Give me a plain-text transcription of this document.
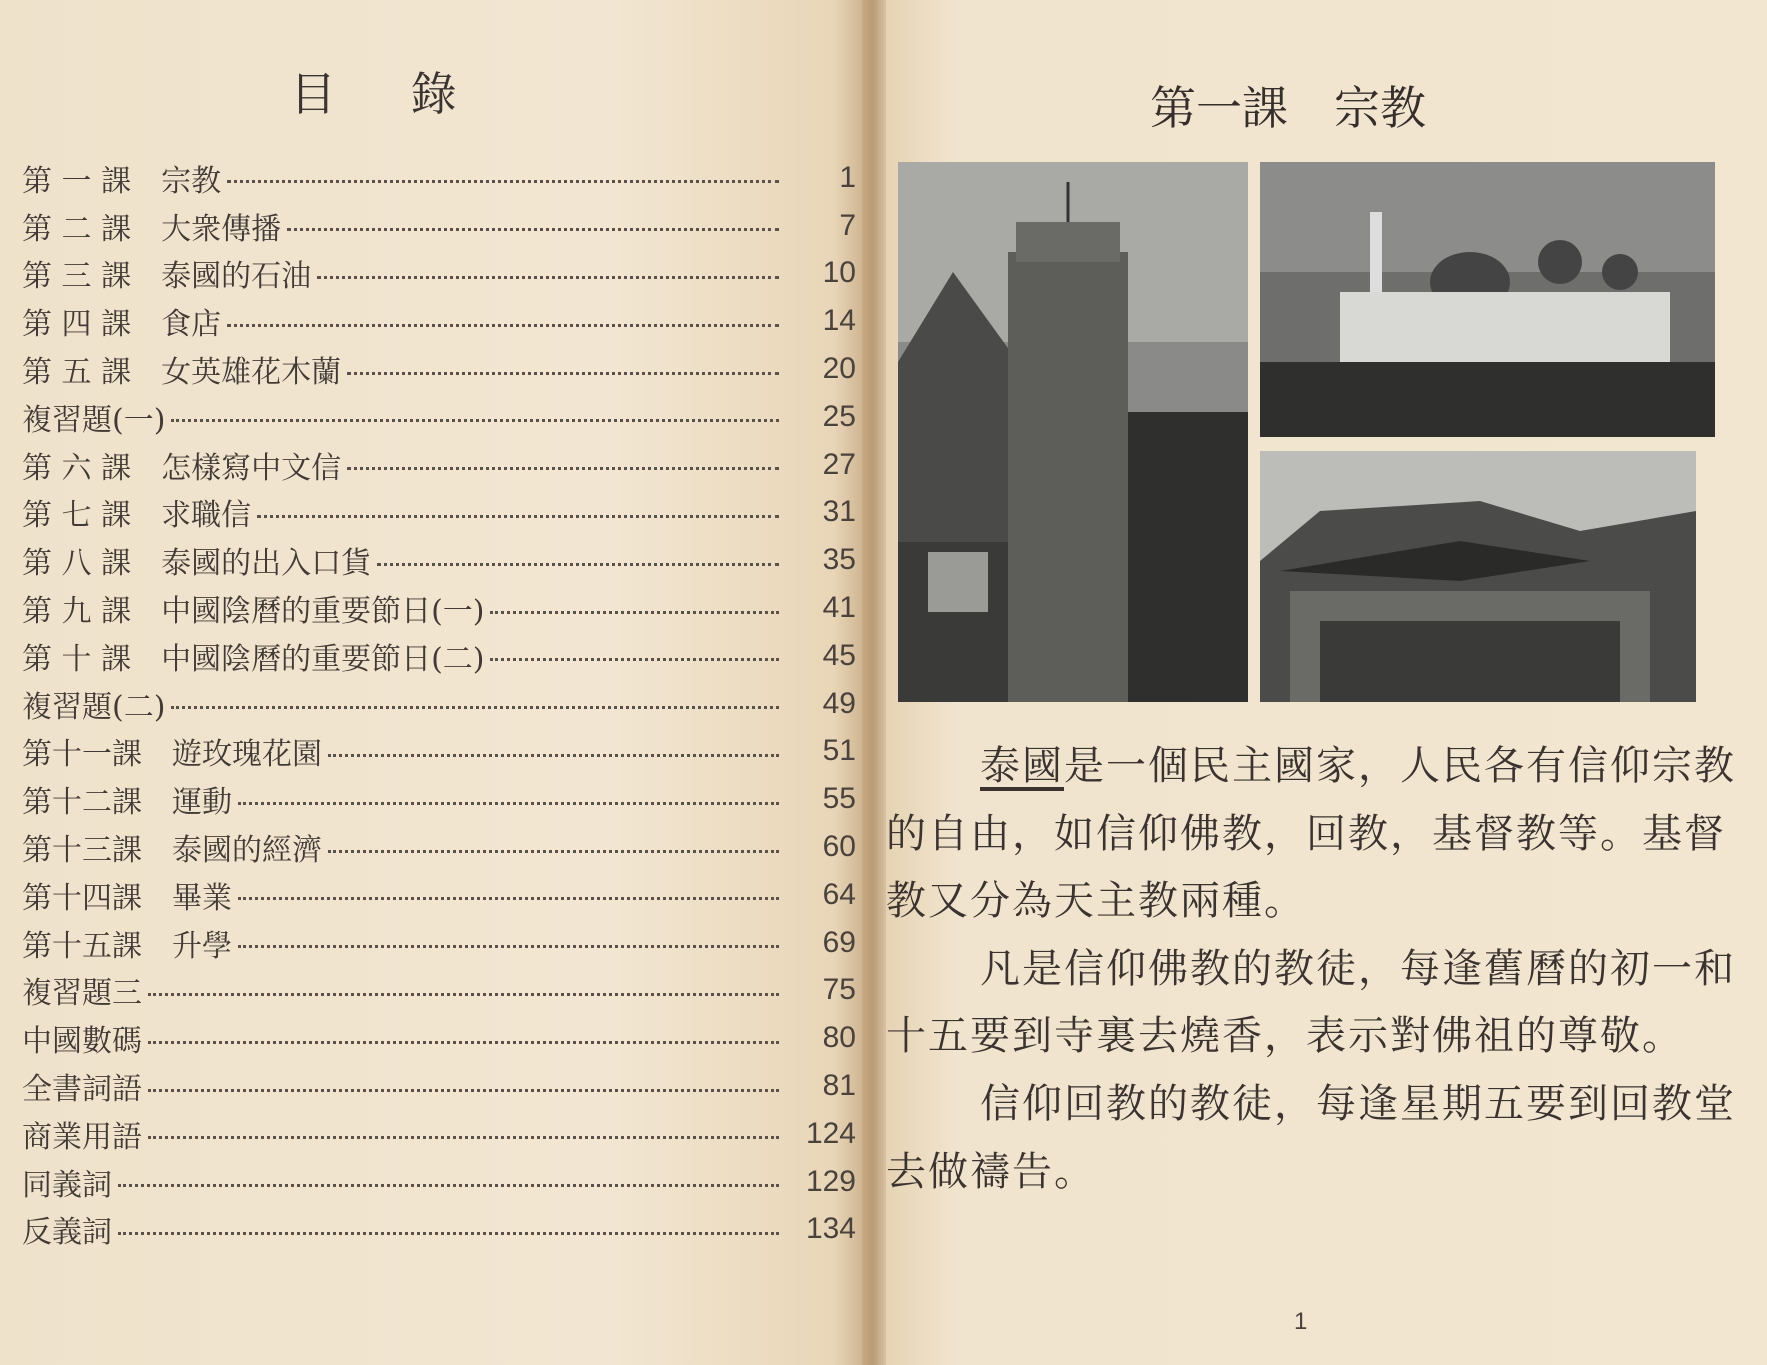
目 錄
第 一 課　宗教	1
第 二 課　大衆傳播	7
第 三 課　泰國的石油	10
第 四 課　食店	14
第 五 課　女英雄花木蘭	20
複習題(一)	25
第 六 課　怎樣寫中文信	27
第 七 課　求職信	31
第 八 課　泰國的出入口貨	35
第 九 課　中國陰曆的重要節日(一)	41
第 十 課　中國陰曆的重要節日(二)	45
複習題(二)	49
第十一課　遊玫瑰花園	51
第十二課　運動	55
第十三課　泰國的經濟	60
第十四課　畢業	64
第十五課　升學	69
複習題三	75
中國數碼	80
全書詞語	81
商業用語	124
同義詞	129
反義詞	134
第一課　宗教

泰國是一個民主國家，人民各有信仰宗教的自由，如信仰佛教，回教，基督教等。基督教又分為天主教兩種。

凡是信仰佛教的教徒，每逢舊曆的初一和十五要到寺裏去燒香，表示對佛祖的尊敬。

信仰回教的教徒，每逢星期五要到回教堂去做禱告。

1
